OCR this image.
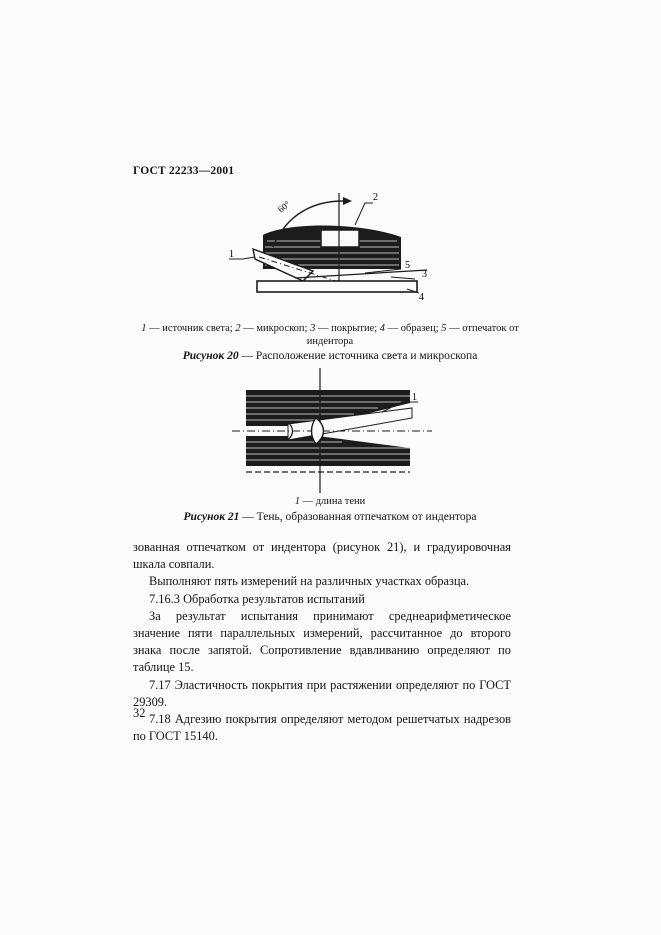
ГОСТ 22233—2001
2
1
5
3
4
60°
1 — источник света; 2 — микроскоп; 3 — покрытие; 4 — образец; 5 — отпечаток от
индентора
Рисунок 20 — Расположение источника света и микроскопа
1
1 — длина тени
Рисунок 21 — Тень, образованная отпечатком от индентора

зованная отпечатком от индентора (рисунок 21), и градуировочная шкала совпали.

Выполняют пять измерений на различных участках образца.

7.16.3 Обработка результатов испытаний

За результат испытания принимают среднеарифметическое значение пяти параллельных измерений, рассчитанное до второго знака после запятой. Сопротивление вдавливанию определяют по таблице 15.

7.17 Эластичность покрытия при растяжении определяют по ГОСТ 29309.

7.18 Адгезию покрытия определяют методом решетчатых надрезов по ГОСТ 15140.

32
